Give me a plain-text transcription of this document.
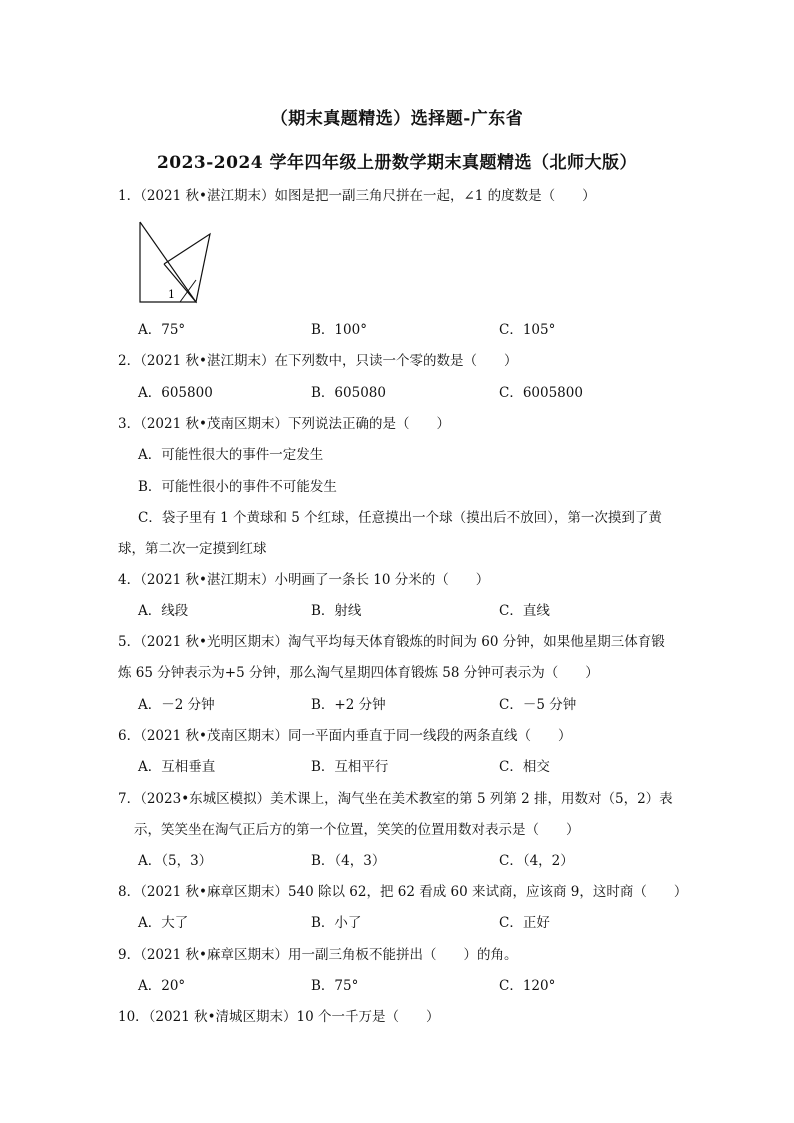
（期末真题精选）选择题-广东省
2023-2024 学年四年级上册数学期末真题精选（北师大版）
1．（2021 秋•湛江期末）如图是把一副三角尺拼在一起，∠1 的度数是（　　）
1
A．75°	B．100°	C．105°
2．（2021 秋•湛江期末）在下列数中，只读一个零的数是（　　）
A．605800	B．605080	C．6005800
3．（2021 秋•茂南区期末）下列说法正确的是（　　）
A．可能性很大的事件一定发生
B．可能性很小的事件不可能发生
C．袋子里有 1 个黄球和 5 个红球，任意摸出一个球（摸出后不放回），第一次摸到了黄
球，第二次一定摸到红球
4．（2021 秋•湛江期末）小明画了一条长 10 分米的（　　）
A．线段	B．射线	C．直线
5．（2021 秋•光明区期末）淘气平均每天体育锻炼的时间为 60 分钟，如果他星期三体育锻
炼 65 分钟表示为+5 分钟，那么淘气星期四体育锻炼 58 分钟可表示为（　　）
A．－2 分钟	B．+2 分钟	C．－5 分钟
6．（2021 秋•茂南区期末）同一平面内垂直于同一线段的两条直线（　　）
A．互相垂直	B．互相平行	C．相交
7．（2023•东城区模拟）美术课上，淘气坐在美术教室的第 5 列第 2 排，用数对（5，2）表
示，笑笑坐在淘气正后方的第一个位置，笑笑的位置用数对表示是（　　）
A．（5，3）	B．（4，3）	C．（4，2）
8．（2021 秋•麻章区期末）540 除以 62，把 62 看成 60 来试商，应该商 9，这时商（　　）
A．大了	B．小了	C．正好
9．（2021 秋•麻章区期末）用一副三角板不能拼出（　　）的角。
A．20°	B．75°	C．120°
10．（2021 秋•清城区期末）10 个一千万是（　　）
